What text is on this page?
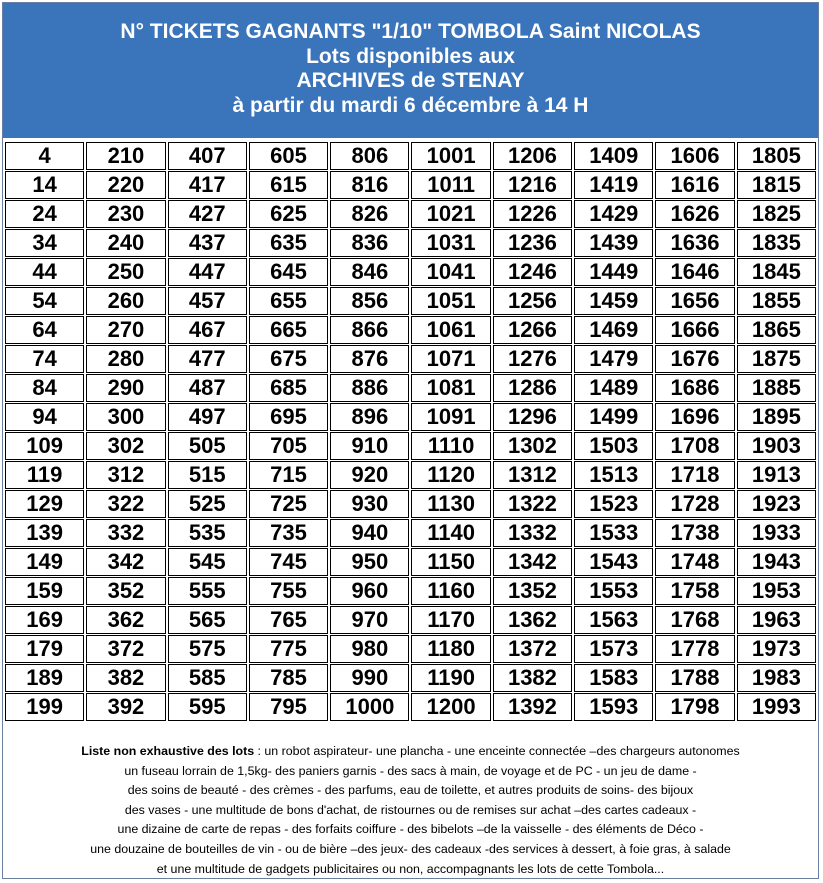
N° TICKETS GAGNANTS "1/10" TOMBOLA Saint NICOLAS
Lots disponibles aux
ARCHIVES de STENAY
à partir du mardi 6 décembre à 14 H
4	210	407	605	806	1001	1206	1409	1606	1805
14	220	417	615	816	1011	1216	1419	1616	1815
24	230	427	625	826	1021	1226	1429	1626	1825
34	240	437	635	836	1031	1236	1439	1636	1835
44	250	447	645	846	1041	1246	1449	1646	1845
54	260	457	655	856	1051	1256	1459	1656	1855
64	270	467	665	866	1061	1266	1469	1666	1865
74	280	477	675	876	1071	1276	1479	1676	1875
84	290	487	685	886	1081	1286	1489	1686	1885
94	300	497	695	896	1091	1296	1499	1696	1895
109	302	505	705	910	1110	1302	1503	1708	1903
119	312	515	715	920	1120	1312	1513	1718	1913
129	322	525	725	930	1130	1322	1523	1728	1923
139	332	535	735	940	1140	1332	1533	1738	1933
149	342	545	745	950	1150	1342	1543	1748	1943
159	352	555	755	960	1160	1352	1553	1758	1953
169	362	565	765	970	1170	1362	1563	1768	1963
179	372	575	775	980	1180	1372	1573	1778	1973
189	382	585	785	990	1190	1382	1583	1788	1983
199	392	595	795	1000	1200	1392	1593	1798	1993
Liste non exhaustive des lots : un robot aspirateur- une plancha - une enceinte connectée –des chargeurs autonomes
un fuseau lorrain de 1,5kg- des paniers garnis - des sacs à main, de voyage et de PC - un jeu de dame -
des soins de beauté - des crèmes - des parfums, eau de toilette, et autres produits de soins- des bijoux
des vases - une multitude de bons d'achat, de ristournes ou de remises sur achat –des cartes cadeaux -
une dizaine de carte de repas - des forfaits coiffure - des bibelots –de la vaisselle - des éléments de Déco -
une douzaine de bouteilles de vin - ou de bière –des jeux- des cadeaux -des services à dessert, à foie gras, à salade
et une multitude de gadgets publicitaires ou non, accompagnants les lots de cette Tombola...
